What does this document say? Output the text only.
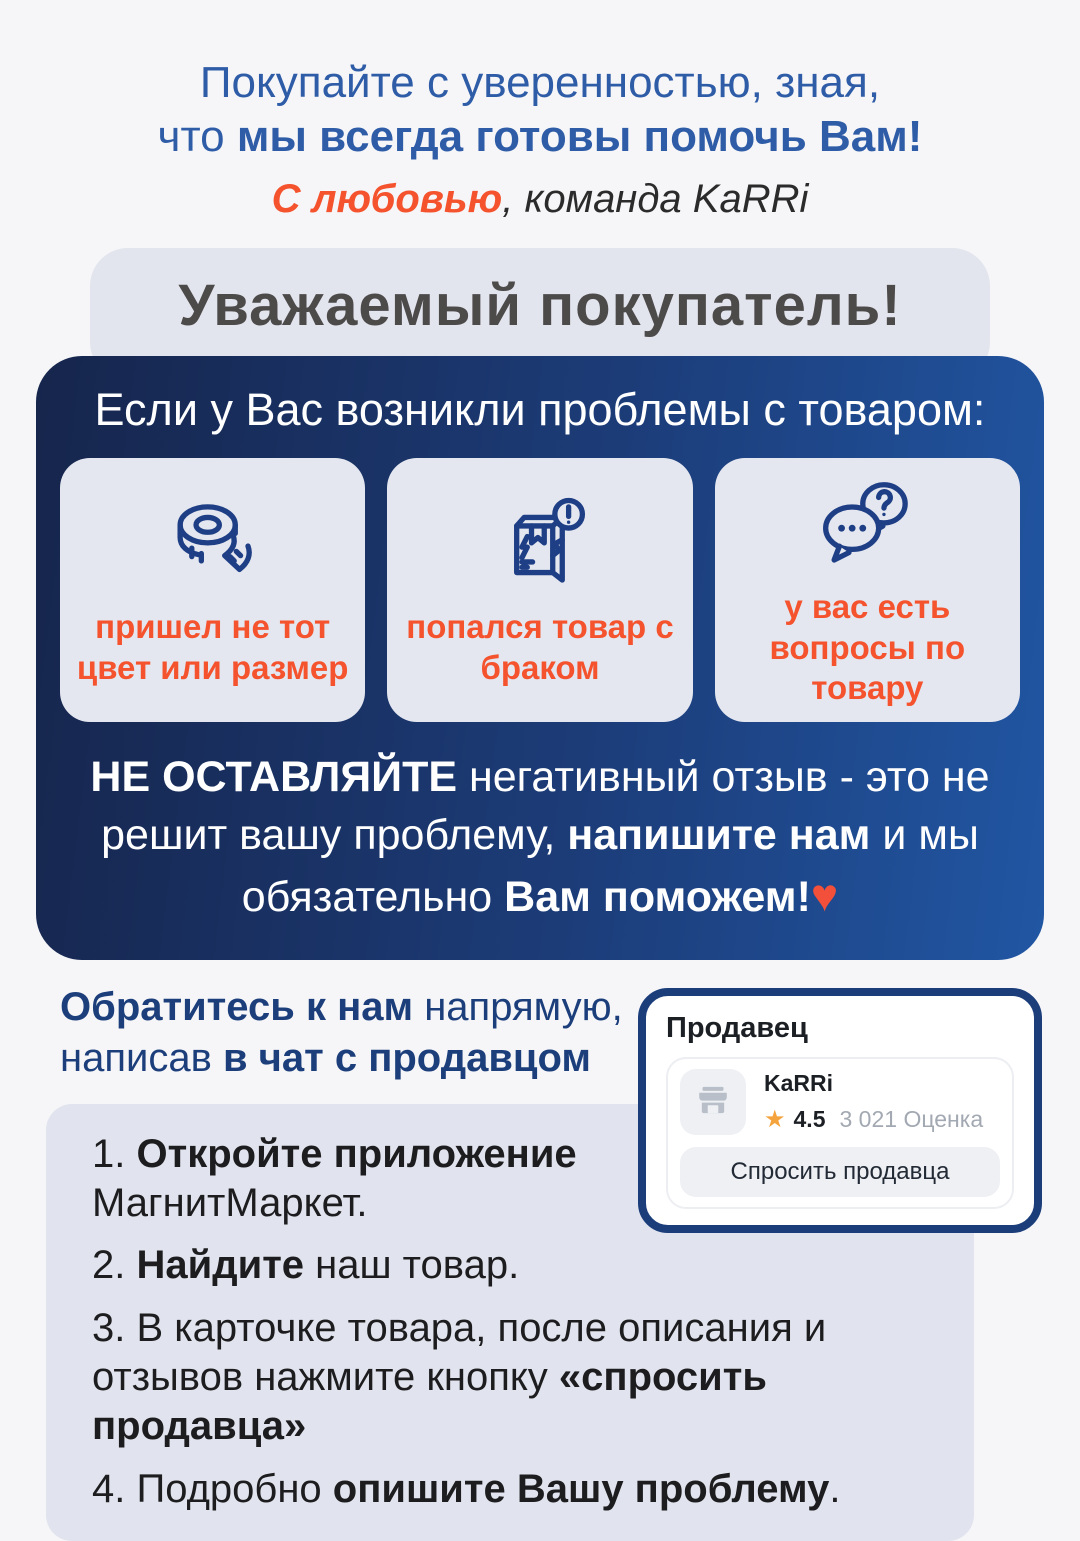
Покупайте с уверенностью, зная,
что мы всегда готовы помочь Вам!
С любовью, команда KaRRi
Уважаемый покупатель!
Если у Вас возникли проблемы с товаром:
пришел не тот цвет или размер
попался товар с браком
у вас есть вопросы по товару

НЕ ОСТАВЛЯЙТЕ негативный отзыв - это не решит вашу проблему, напишите нам и мы обязательно Вам поможем!♥

Обратитесь к нам напрямую,
написав в чат с продавцом
Продавец
KaRRi
★ 4.5 3 021 Оценка
Спросить продавца

1. Откройте приложение МагнитМаркет.

2. Найдите наш товар.

3. В карточке товара, после описания и отзывов нажмите кнопку «спросить продавца»

4. Подробно опишите Вашу проблему.
